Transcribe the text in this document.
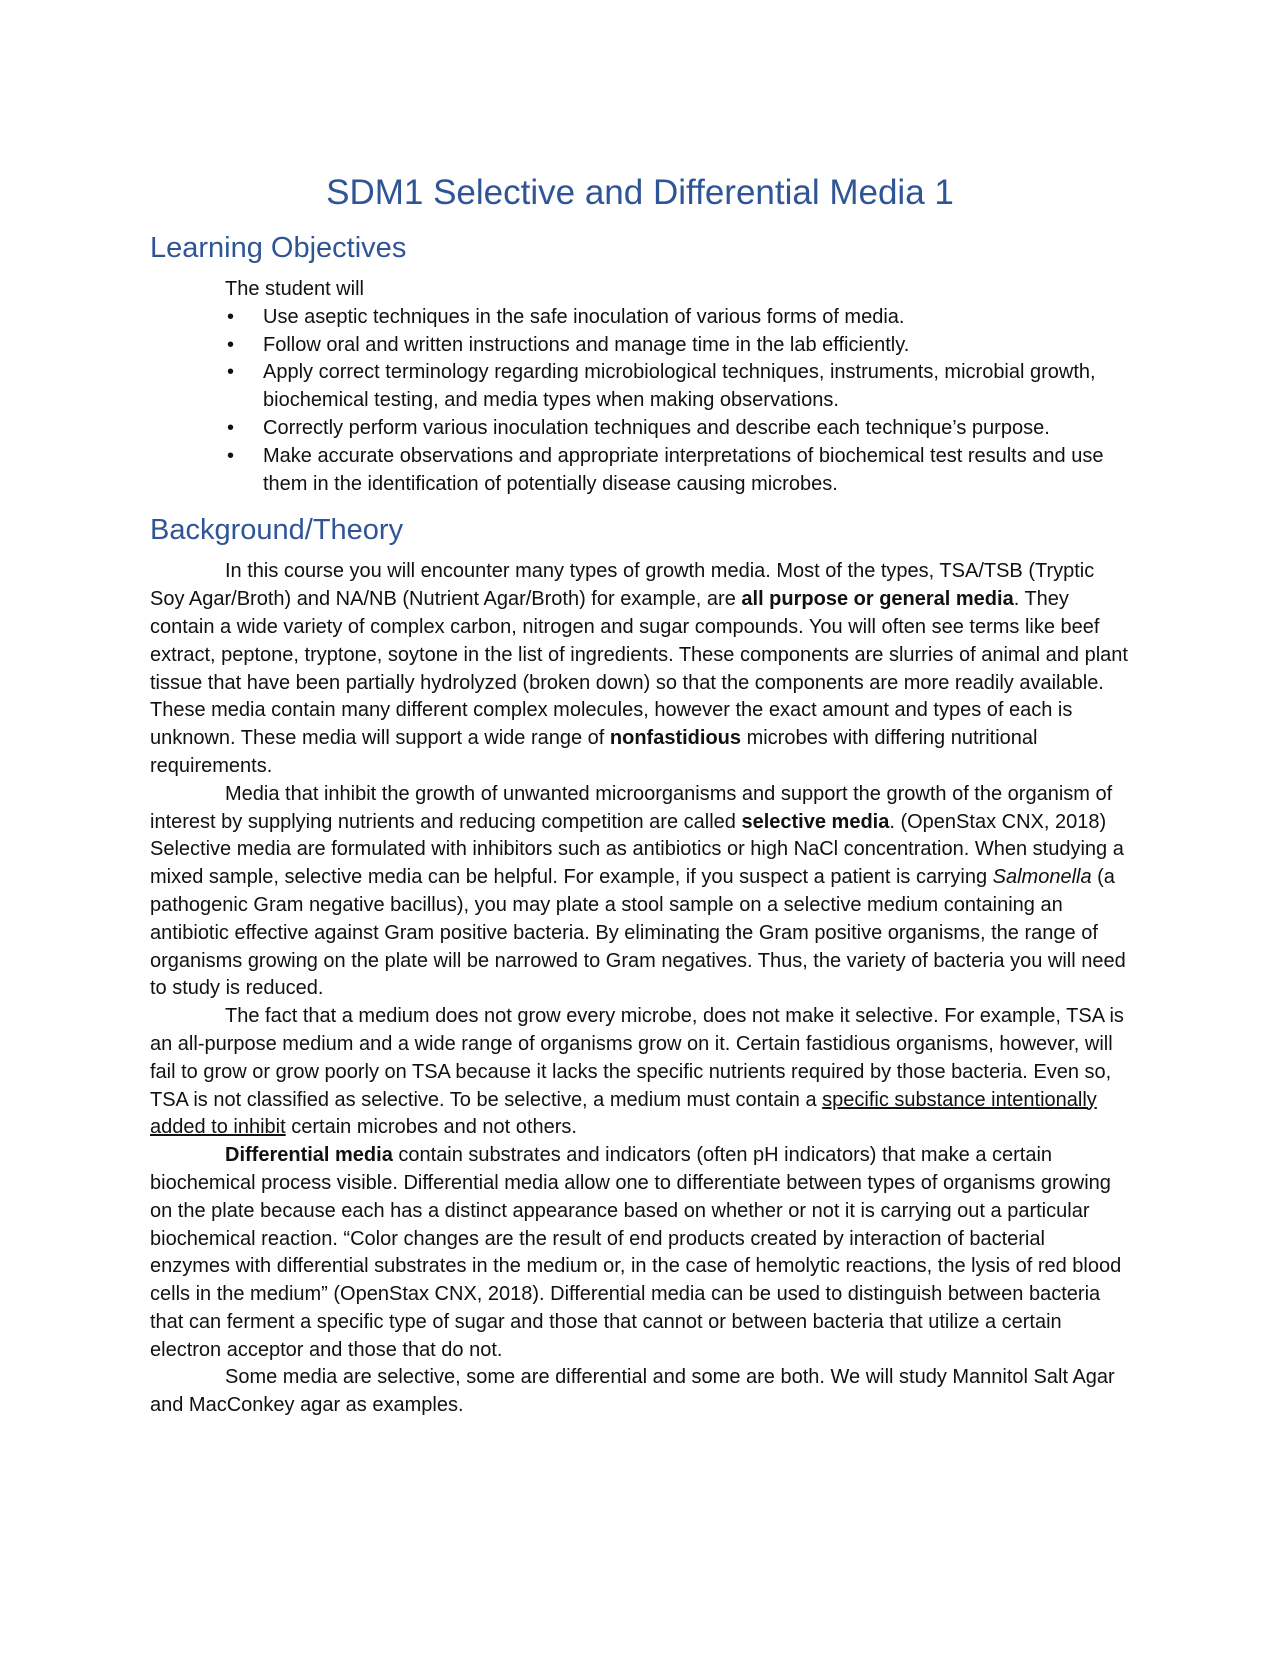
SDM1 Selective and Differential Media 1
Learning Objectives
The student will
• Use aseptic techniques in the safe inoculation of various forms of media.
• Follow oral and written instructions and manage time in the lab efficiently.
• Apply correct terminology regarding microbiological techniques, instruments, microbial growth, biochemical testing, and media types when making observations.
• Correctly perform various inoculation techniques and describe each technique’s purpose.
• Make accurate observations and appropriate interpretations of biochemical test results and use them in the identification of potentially disease causing microbes.
Background/Theory

In this course you will encounter many types of growth media. Most of the types, TSA/TSB (Tryptic Soy Agar/Broth) and NA/NB (Nutrient Agar/Broth) for example, are all purpose or general media. They contain a wide variety of complex carbon, nitrogen and sugar compounds. You will often see terms like beef extract, peptone, tryptone, soytone in the list of ingredients. These components are slurries of animal and plant tissue that have been partially hydrolyzed (broken down) so that the components are more readily available. These media contain many different complex molecules, however the exact amount and types of each is unknown. These media will support a wide range of nonfastidious microbes with differing nutritional requirements.

Media that inhibit the growth of unwanted microorganisms and support the growth of the organism of interest by supplying nutrients and reducing competition are called selective media. (OpenStax CNX, 2018) Selective media are formulated with inhibitors such as antibiotics or high NaCl concentration. When studying a mixed sample, selective media can be helpful. For example, if you suspect a patient is carrying Salmonella (a pathogenic Gram negative bacillus), you may plate a stool sample on a selective medium containing an antibiotic effective against Gram positive bacteria. By eliminating the Gram positive organisms, the range of organisms growing on the plate will be narrowed to Gram negatives. Thus, the variety of bacteria you will need to study is reduced.

The fact that a medium does not grow every microbe, does not make it selective. For example, TSA is an all-purpose medium and a wide range of organisms grow on it. Certain fastidious organisms, however, will fail to grow or grow poorly on TSA because it lacks the specific nutrients required by those bacteria. Even so, TSA is not classified as selective. To be selective, a medium must contain a specific substance intentionally added to inhibit certain microbes and not others.

Differential media contain substrates and indicators (often pH indicators) that make a certain biochemical process visible. Differential media allow one to differentiate between types of organisms growing on the plate because each has a distinct appearance based on whether or not it is carrying out a particular biochemical reaction. “Color changes are the result of end products created by interaction of bacterial enzymes with differential substrates in the medium or, in the case of hemolytic reactions, the lysis of red blood cells in the medium” (OpenStax CNX, 2018). Differential media can be used to distinguish between bacteria that can ferment a specific type of sugar and those that cannot or between bacteria that utilize a certain electron acceptor and those that do not.

Some media are selective, some are differential and some are both. We will study Mannitol Salt Agar and MacConkey agar as examples.
